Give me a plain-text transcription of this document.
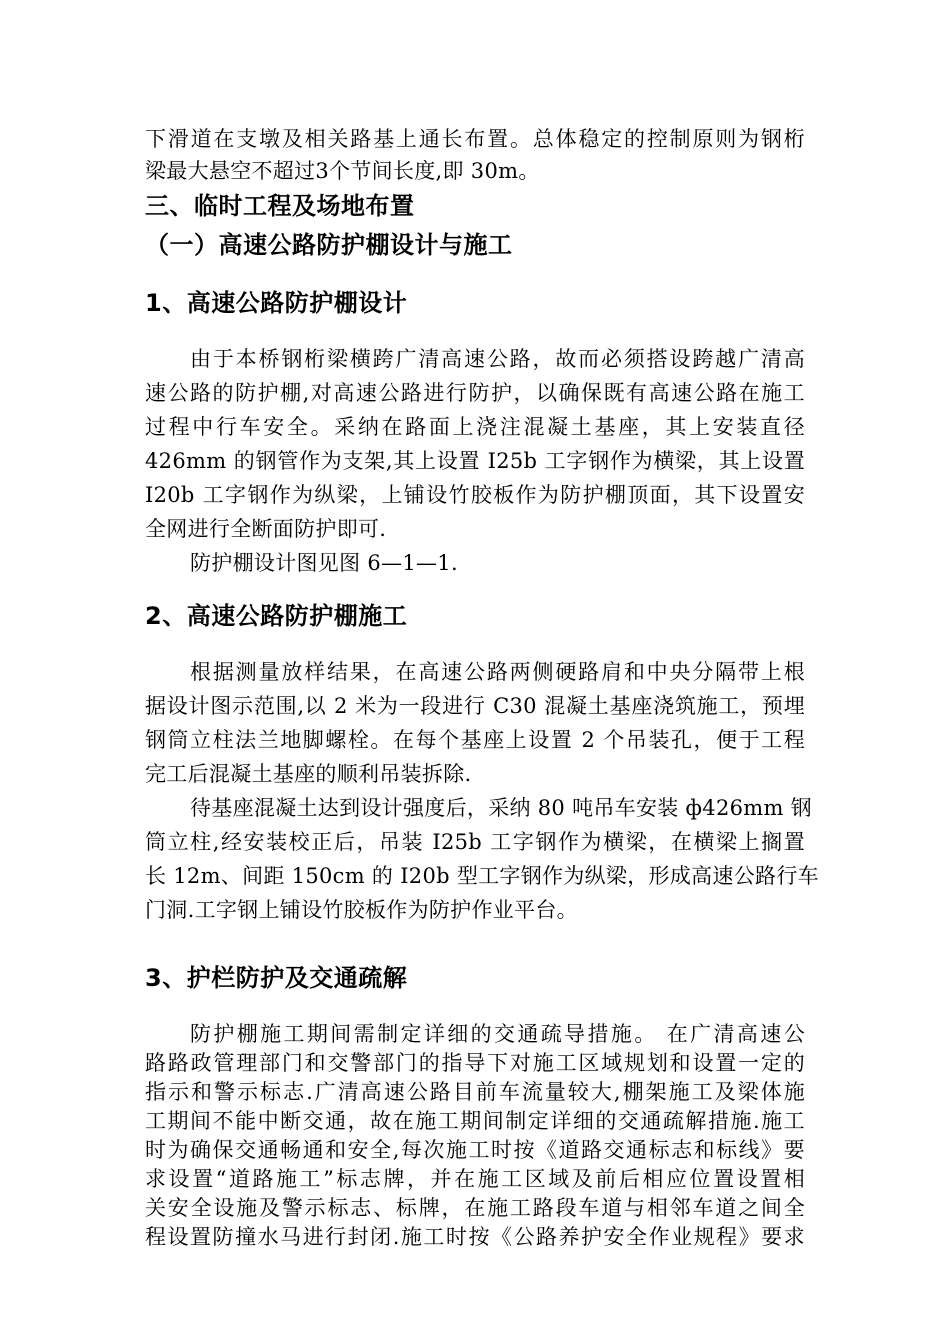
下滑道在支墩及相关路基上通长布置。总体稳定的控制原则为钢桁
梁最大悬空不超过3个节间长度,即 30m。
三、临时工程及场地布置
（一）高速公路防护棚设计与施工
1、高速公路防护棚设计
由于本桥钢桁梁横跨广清高速公路，故而必须搭设跨越广清高
速公路的防护棚,对高速公路进行防护，以确保既有高速公路在施工
过程中行车安全。采纳在路面上浇注混凝土基座，其上安装直径
426mm 的钢管作为支架,其上设置 I25b 工字钢作为横梁，其上设置
I20b 工字钢作为纵梁，上铺设竹胶板作为防护棚顶面，其下设置安
全网进行全断面防护即可.
防护棚设计图见图 6—1—1.
2、高速公路防护棚施工
根据测量放样结果，在高速公路两侧硬路肩和中央分隔带上根
据设计图示范围,以 2 米为一段进行 C30 混凝土基座浇筑施工，预埋
钢筒立柱法兰地脚螺栓。在每个基座上设置 2 个吊装孔，便于工程
完工后混凝土基座的顺利吊装拆除.
待基座混凝土达到设计强度后，采纳 80 吨吊车安装 ф426mm 钢
筒立柱,经安装校正后，吊装 I25b 工字钢作为横梁，在横梁上搁置
长 12m、间距 150cm 的 I20b 型工字钢作为纵梁，形成高速公路行车
门洞.工字钢上铺设竹胶板作为防护作业平台。
3、护栏防护及交通疏解
防护棚施工期间需制定详细的交通疏导措施。 在广清高速公
路路政管理部门和交警部门的指导下对施工区域规划和设置一定的
指示和警示标志.广清高速公路目前车流量较大,棚架施工及梁体施
工期间不能中断交通，故在施工期间制定详细的交通疏解措施.施工
时为确保交通畅通和安全,每次施工时按《道路交通标志和标线》要
求设置“道路施工”标志牌，并在施工区域及前后相应位置设置相
关安全设施及警示标志、标牌，在施工路段车道与相邻车道之间全
程设置防撞水马进行封闭.施工时按《公路养护安全作业规程》要求
